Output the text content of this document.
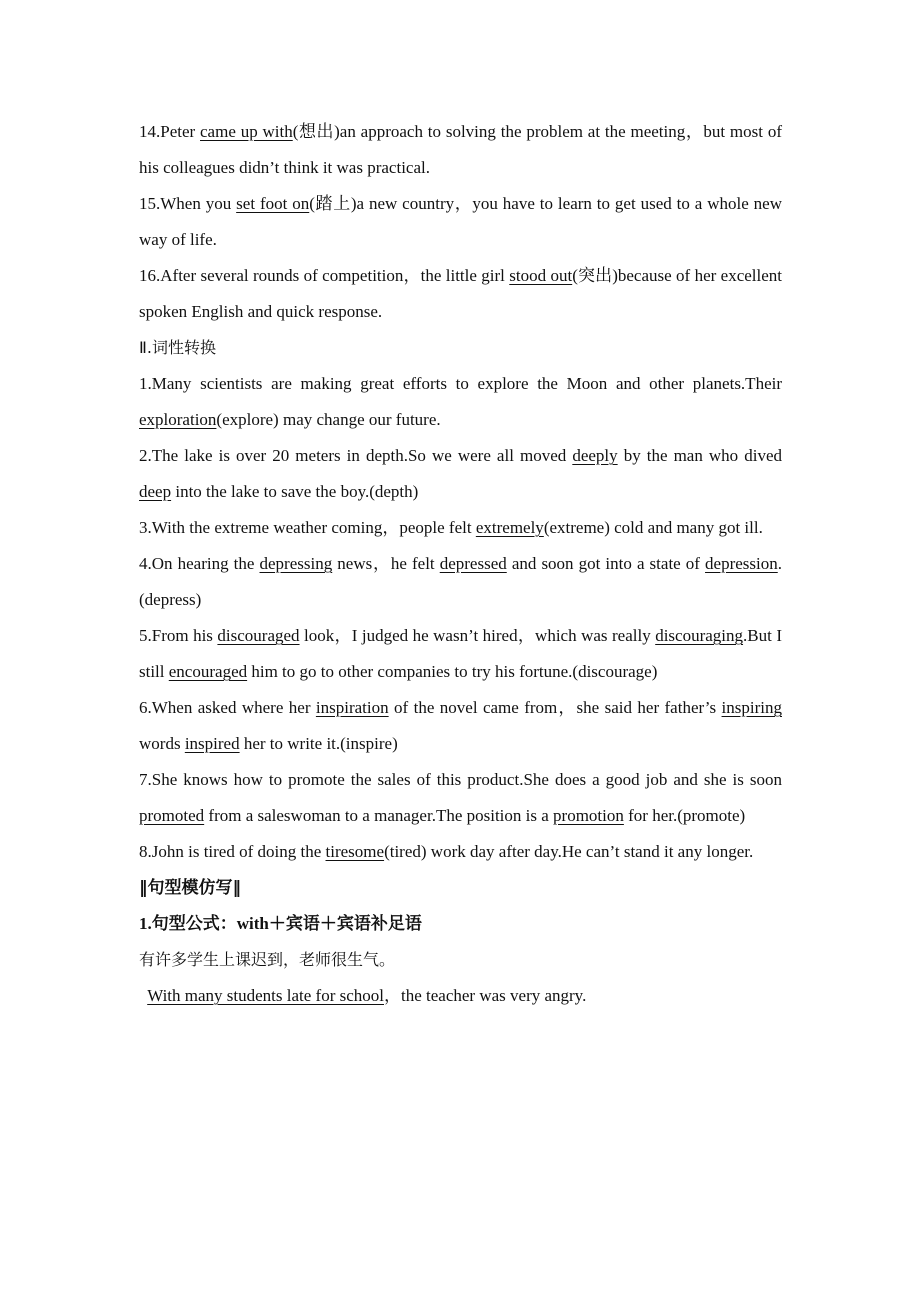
14.Peter came up with(想出)an approach to solving the problem at the meeting，but most of his colleagues didn’t think it was practical.

15.When you set foot on(踏上)a new country，you have to learn to get used to a whole new way of life.

16.After several rounds of competition，the little girl stood out(突出)because of her excellent spoken English and quick response.

Ⅱ.词性转换

1.Many scientists are making great efforts to explore the Moon and other planets.Their exploration(explore) may change our future.

2.The lake is over 20 meters in depth.So we were all moved deeply by the man who dived deep into the lake to save the boy.(depth)

3.With the extreme weather coming，people felt extremely(extreme) cold and many got ill.

4.On hearing the depressing news，he felt depressed and soon got into a state of depression.(depress)

5.From his discouraged look，I judged he wasn’t hired，which was really discouraging.But I still encouraged him to go to other companies to try his fortune.(discourage)

6.When asked where her inspiration of the novel came from，she said her father’s inspiring words inspired her to write it.(inspire)

7.She knows how to promote the sales of this product.She does a good job and she is soon promoted from a saleswoman to a manager.The position is a promotion for her.(promote)

8.John is tired of doing the tiresome(tired) work day after day.He can’t stand it any longer.

‖句型模仿写‖

1.句型公式：with＋宾语＋宾语补足语

有许多学生上课迟到，老师很生气。

With many students late for school，the teacher was very angry.
